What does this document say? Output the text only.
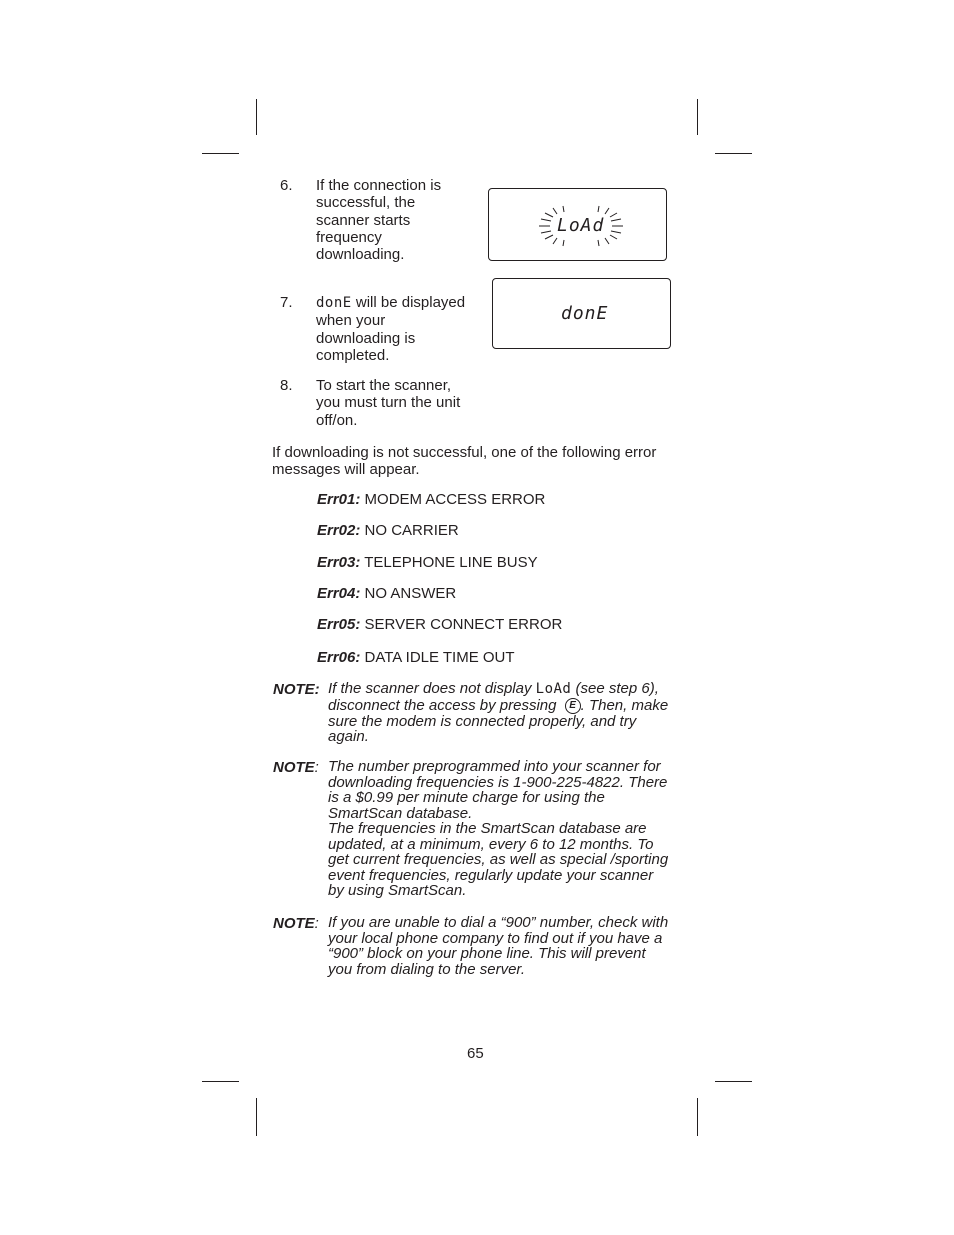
6. If the connection is successful, the scanner starts frequency downloading.
LoAd
7. donE will be displayed when your downloading is completed.
donE
8. To start the scanner, you must turn the unit off/on.
If downloading is not successful, one of the following error messages will appear.
Err01: MODEM ACCESS ERROR
Err02: NO CARRIER
Err03: TELEPHONE LINE BUSY
Err04: NO ANSWER
Err05: SERVER CONNECT ERROR
Err06: DATA IDLE TIME OUT
NOTE: If the scanner does not display LoAd (see step 6), disconnect the access by pressing E . Then, make sure the modem is connected properly, and try again.
NOTE: The number preprogrammed into your scanner for downloading frequencies is 1-900-225-4822. There is a $0.99 per minute charge for using the SmartScan database.
The frequencies in the SmartScan database are updated, at a minimum, every 6 to 12 months. To get current frequencies, as well as special /sporting event frequencies, regularly update your scanner by using SmartScan.
NOTE: If you are unable to dial a “900” number, check with your local phone company to find out if you have a “900” block on your phone line. This will prevent you from dialing to the server.
65
